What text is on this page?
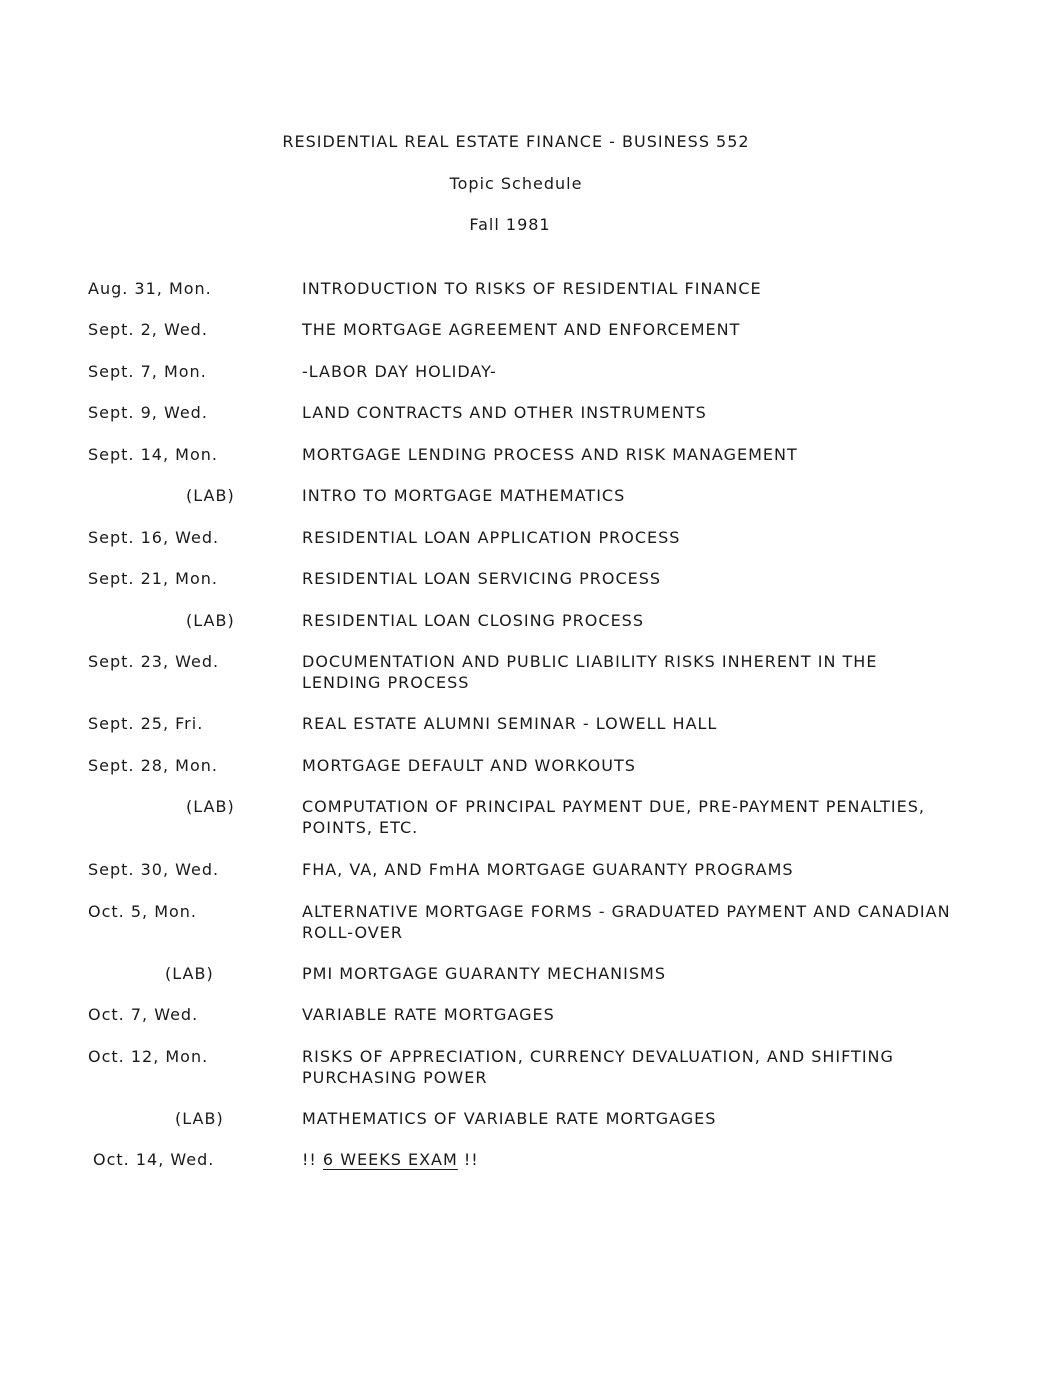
RESIDENTIAL REAL ESTATE FINANCE - BUSINESS 552
Topic Schedule
Fall 1981
Aug. 31, Mon.	INTRODUCTION TO RISKS OF RESIDENTIAL FINANCE
Sept. 2, Wed.	THE MORTGAGE AGREEMENT AND ENFORCEMENT
Sept. 7, Mon.	-LABOR DAY HOLIDAY-
Sept. 9, Wed.	LAND CONTRACTS AND OTHER INSTRUMENTS
Sept. 14, Mon.	MORTGAGE LENDING PROCESS AND RISK MANAGEMENT
(LAB)	INTRO TO MORTGAGE MATHEMATICS
Sept. 16, Wed.	RESIDENTIAL LOAN APPLICATION PROCESS
Sept. 21, Mon.	RESIDENTIAL LOAN SERVICING PROCESS
(LAB)	RESIDENTIAL LOAN CLOSING PROCESS
Sept. 23, Wed.	DOCUMENTATION AND PUBLIC LIABILITY RISKS INHERENT IN THE
LENDING PROCESS
Sept. 25, Fri.	REAL ESTATE ALUMNI SEMINAR - LOWELL HALL
Sept. 28, Mon.	MORTGAGE DEFAULT AND WORKOUTS
(LAB)	COMPUTATION OF PRINCIPAL PAYMENT DUE, PRE-PAYMENT PENALTIES,
POINTS, ETC.
Sept. 30, Wed.	FHA, VA, AND FmHA MORTGAGE GUARANTY PROGRAMS
Oct. 5, Mon.	ALTERNATIVE MORTGAGE FORMS - GRADUATED PAYMENT AND CANADIAN
ROLL-OVER
(LAB)	PMI MORTGAGE GUARANTY MECHANISMS
Oct. 7, Wed.	VARIABLE RATE MORTGAGES
Oct. 12, Mon.	RISKS OF APPRECIATION, CURRENCY DEVALUATION, AND SHIFTING
PURCHASING POWER
(LAB)	MATHEMATICS OF VARIABLE RATE MORTGAGES
Oct. 14, Wed.	!! 6 WEEKS EXAM !!
